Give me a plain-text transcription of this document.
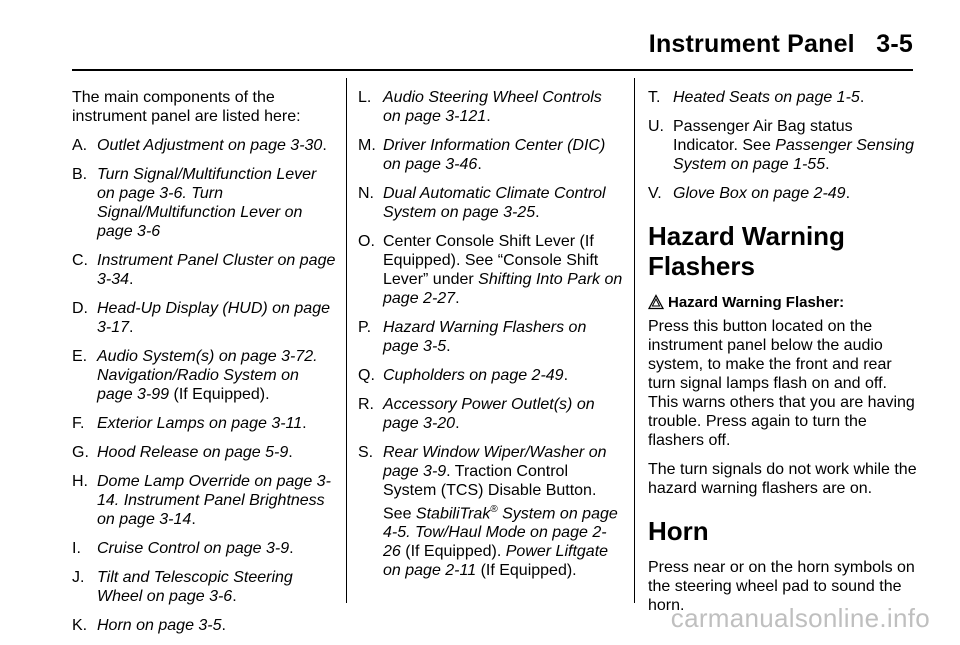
Instrument Panel 3-5

The main components of the instrument panel are listed here:

A. Outlet Adjustment on page 3-30.
B. Turn Signal/Multifunction Lever on page 3-6. Turn Signal/Multifunction Lever on page 3-6
C. Instrument Panel Cluster on page 3-34.
D. Head-Up Display (HUD) on page 3-17.
E. Audio System(s) on page 3-72. Navigation/Radio System on page 3-99 (If Equipped).
F. Exterior Lamps on page 3-11.
G. Hood Release on page 5-9.
H. Dome Lamp Override on page 3-14. Instrument Panel Brightness on page 3-14.
I. Cruise Control on page 3-9.
J. Tilt and Telescopic Steering Wheel on page 3-6.
K. Horn on page 3-5.
L. Audio Steering Wheel Controls on page 3-121.
M. Driver Information Center (DIC) on page 3-46.
N. Dual Automatic Climate Control System on page 3-25.
O. Center Console Shift Lever (If Equipped). See “Console Shift Lever” under Shifting Into Park on page 2-27.
P. Hazard Warning Flashers on page 3-5.
Q. Cupholders on page 2-49.
R. Accessory Power Outlet(s) on page 3-20.
S. Rear Window Wiper/Washer on page 3-9. Traction Control System (TCS) Disable Button. See StabiliTrak® System on page 4-5. Tow/Haul Mode on page 2-26 (If Equipped). Power Liftgate on page 2-11 (If Equipped).
T. Heated Seats on page 1-5.
U. Passenger Air Bag status Indicator. See Passenger Sensing System on page 1-55.
V. Glove Box on page 2-49.
Hazard Warning Flashers
Hazard Warning Flasher:

Press this button located on the instrument panel below the audio system, to make the front and rear turn signal lamps flash on and off. This warns others that you are having trouble. Press again to turn the flashers off.

The turn signals do not work while the hazard warning flashers are on.

Horn

Press near or on the horn symbols on the steering wheel pad to sound the horn.

carmanualsonline.info
